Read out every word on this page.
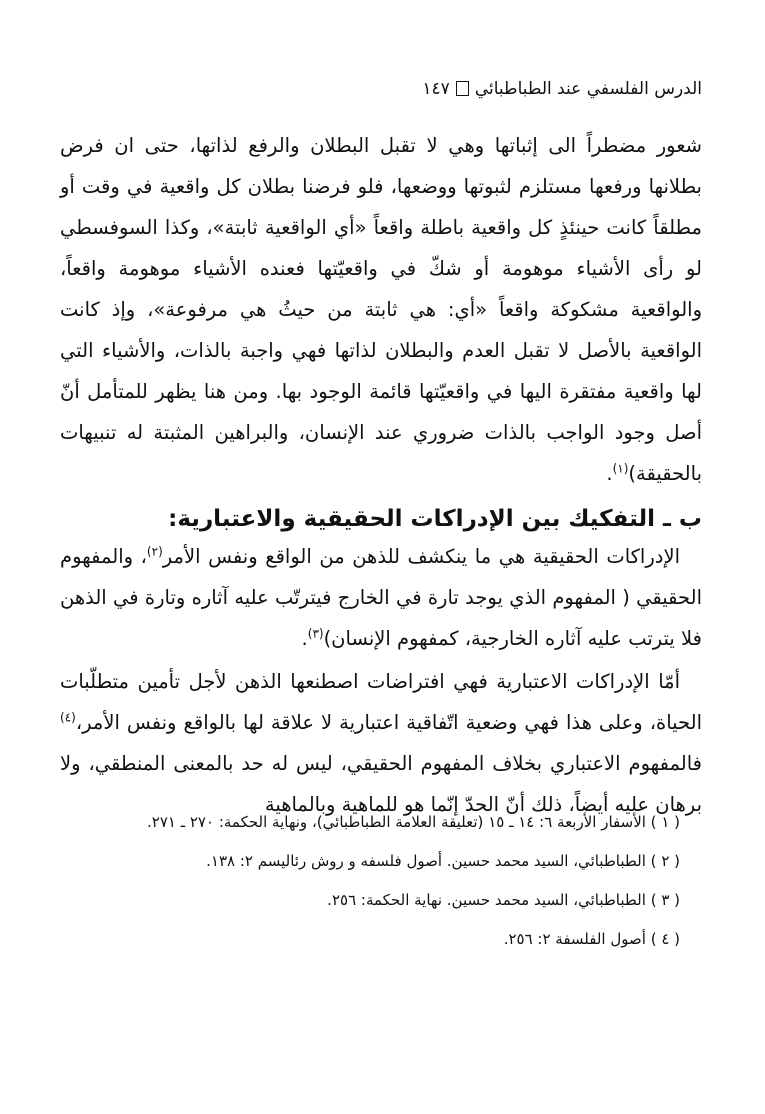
الدرس الفلسفي عند الطباطبائي١٤٧
شعور مضطراً الى إثباتها وهي لا تقبل البطلان والرفع لذاتها، حتى ان فرض بطلانها ورفعها مستلزم لثبوتها ووضعها، فلو فرضنا بطلان كل واقعية في وقت أو مطلقاً كانت حينئذٍ كل واقعية باطلة واقعاً «أي الواقعية ثابتة»، وكذا السوفسطي لو رأى الأشياء موهومة أو شكّ في واقعيّتها فعنده الأشياء موهومة واقعاً، والواقعية مشكوكة واقعاً «أي: هي ثابتة من حيثُ هي مرفوعة»، وإذ كانت الواقعية بالأصل لا تقبل العدم والبطلان لذاتها فهي واجبة بالذات، والأشياء التي لها واقعية مفتقرة اليها في واقعيّتها قائمة الوجود بها. ومن هنا يظهر للمتأمل أنّ أصل وجود الواجب بالذات ضروري عند الإنسان، والبراهين المثبتة له تنبيهات بالحقيقة)$^{(١)}$.
ب ـ التفكيك بين الإدراكات الحقيقية والاعتبارية:
الإدراكات الحقيقية هي ما ينكشف للذهن من الواقع ونفس الأمر$^{(٢)}$، والمفهوم الحقيقي ( المفهوم الذي يوجد تارة في الخارج فيترتّب عليه آثاره وتارة في الذهن فلا يترتب عليه آثاره الخارجية، كمفهوم الإنسان)$^{(٣)}$.
أمّا الإدراكات الاعتبارية فهي افتراضات اصطنعها الذهن لأجل تأمين متطلّبات الحياة، وعلى هذا فهي وضعية اتّفاقية اعتبارية لا علاقة لها بالواقع ونفس الأمر،$^{(٤)}$ فالمفهوم الاعتباري بخلاف المفهوم الحقيقي، ليس له حد بالمعنى المنطقي، ولا برهان عليه أيضاً، ذلك أنّ الحدّ إنّما هو للماهية وبالماهية
( ١ ) الأسفار الأربعة ٦: ١٤ ـ ١٥ (تعليقة العلامة الطباطبائي)، ونهاية الحكمة: ٢٧٠ ـ ٢٧١.
( ٢ ) الطباطبائي، السيد محمد حسين. أصول فلسفه و روش رئاليسم ٢: ١٣٨.
( ٣ ) الطباطبائي، السيد محمد حسين. نهاية الحكمة: ٢٥٦.
( ٤ ) أصول الفلسفة ٢: ٢٥٦.
